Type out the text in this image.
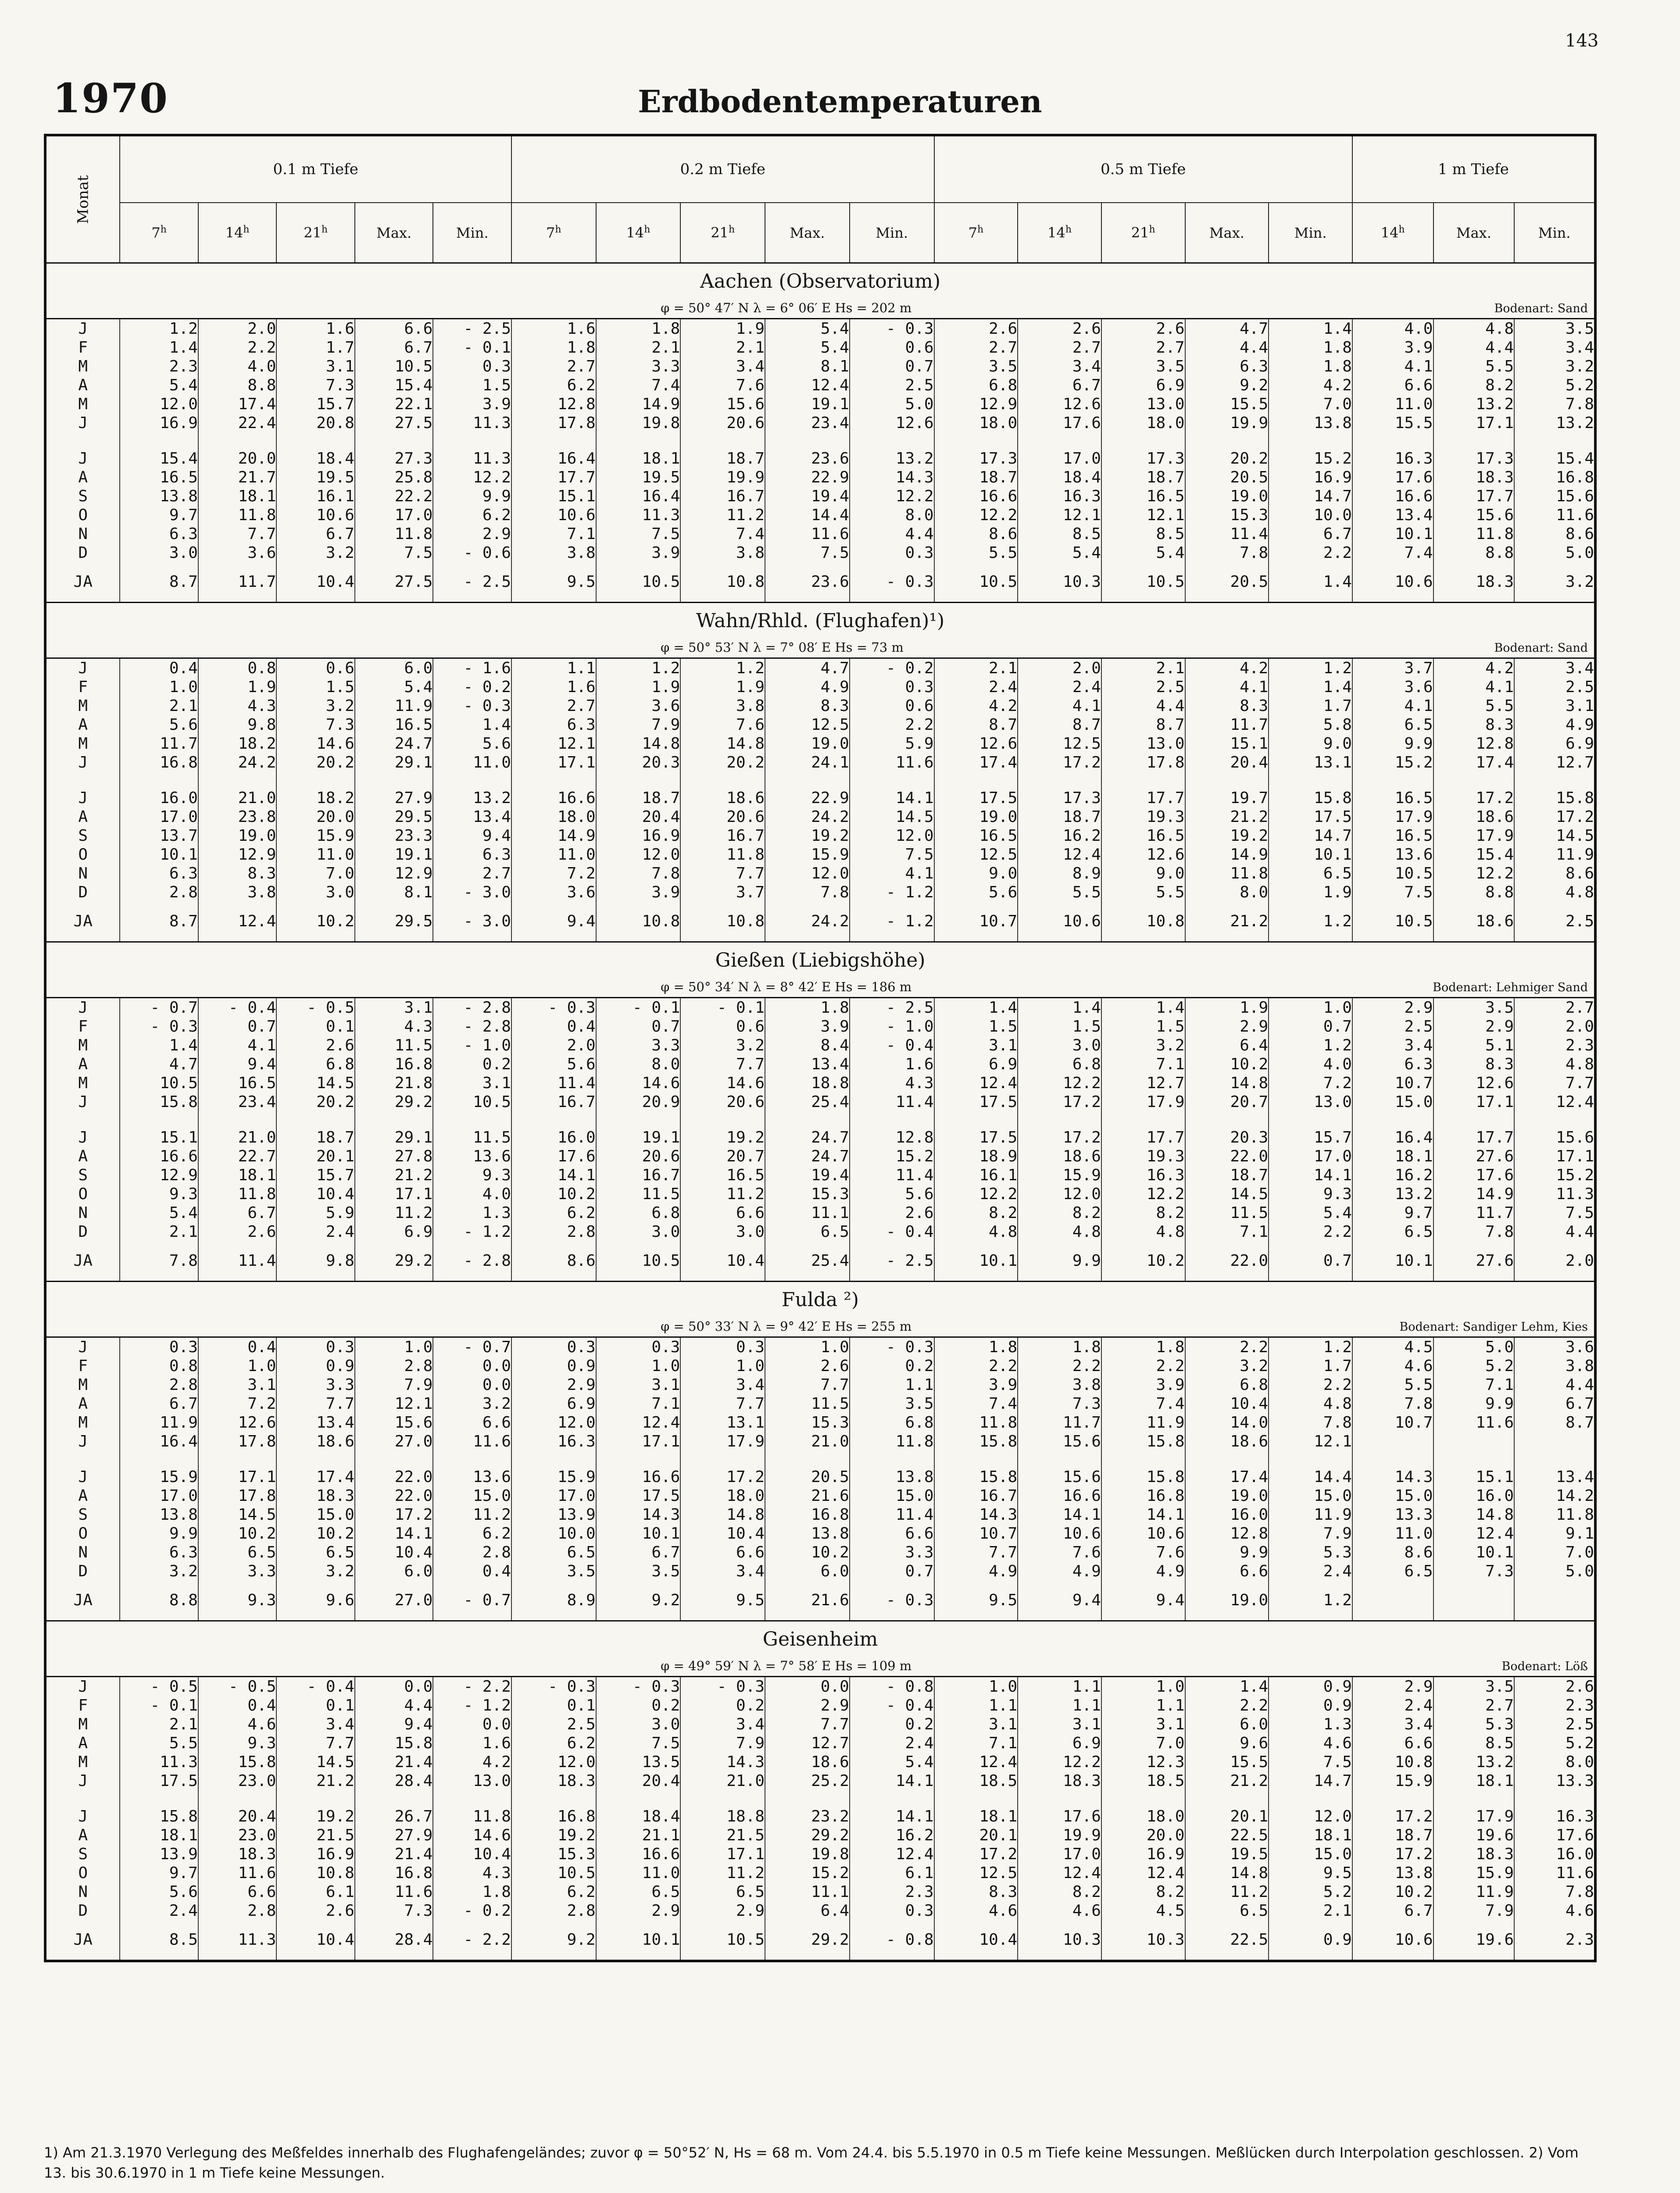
143
1970	Erdbodentemperaturen
Monat	0.1 m Tiefe					0.2 m Tiefe					0.5 m Tiefe					1 m Tiefe		
	7$^h$	14$^h$	21$^h$	Max.	Min.	7$^h$	14$^h$	21$^h$	Max.	Min.	7$^h$	14$^h$	21$^h$	Max.	Min.	14$^h$	Max.	Min.
Aachen (Observatorium)																		

φ = 50° 47′ N λ = 6° 06′ E Hs = 202 m Bodenart: Sand																		

J	1.2	2.0	1.6	6.6	- 2.5	1.6	1.8	1.9	5.4	- 0.3	2.6	2.6	2.6	4.7	1.4	4.0	4.8	3.5
F	1.4	2.2	1.7	6.7	- 0.1	1.8	2.1	2.1	5.4	0.6	2.7	2.7	2.7	4.4	1.8	3.9	4.4	3.4
M	2.3	4.0	3.1	10.5	0.3	2.7	3.3	3.4	8.1	0.7	3.5	3.4	3.5	6.3	1.8	4.1	5.5	3.2
A	5.4	8.8	7.3	15.4	1.5	6.2	7.4	7.6	12.4	2.5	6.8	6.7	6.9	9.2	4.2	6.6	8.2	5.2
M	12.0	17.4	15.7	22.1	3.9	12.8	14.9	15.6	19.1	5.0	12.9	12.6	13.0	15.5	7.0	11.0	13.2	7.8
J	16.9	22.4	20.8	27.5	11.3	17.8	19.8	20.6	23.4	12.6	18.0	17.6	18.0	19.9	13.8	15.5	17.1	13.2

J	15.4	20.0	18.4	27.3	11.3	16.4	18.1	18.7	23.6	13.2	17.3	17.0	17.3	20.2	15.2	16.3	17.3	15.4
A	16.5	21.7	19.5	25.8	12.2	17.7	19.5	19.9	22.9	14.3	18.7	18.4	18.7	20.5	16.9	17.6	18.3	16.8
S	13.8	18.1	16.1	22.2	9.9	15.1	16.4	16.7	19.4	12.2	16.6	16.3	16.5	19.0	14.7	16.6	17.7	15.6
O	9.7	11.8	10.6	17.0	6.2	10.6	11.3	11.2	14.4	8.0	12.2	12.1	12.1	15.3	10.0	13.4	15.6	11.6
N	6.3	7.7	6.7	11.8	2.9	7.1	7.5	7.4	11.6	4.4	8.6	8.5	8.5	11.4	6.7	10.1	11.8	8.6
D	3.0	3.6	3.2	7.5	- 0.6	3.8	3.9	3.8	7.5	0.3	5.5	5.4	5.4	7.8	2.2	7.4	8.8	5.0
JA	8.7	11.7	10.4	27.5	- 2.5	9.5	10.5	10.8	23.6	- 0.3	10.5	10.3	10.5	20.5	1.4	10.6	18.3	3.2
Wahn/Rhld. (Flughafen)¹)																		

φ = 50° 53′ N λ = 7° 08′ E Hs = 73 m Bodenart: Sand																		

J	0.4	0.8	0.6	6.0	- 1.6	1.1	1.2	1.2	4.7	- 0.2	2.1	2.0	2.1	4.2	1.2	3.7	4.2	3.4
F	1.0	1.9	1.5	5.4	- 0.2	1.6	1.9	1.9	4.9	0.3	2.4	2.4	2.5	4.1	1.4	3.6	4.1	2.5
M	2.1	4.3	3.2	11.9	- 0.3	2.7	3.6	3.8	8.3	0.6	4.2	4.1	4.4	8.3	1.7	4.1	5.5	3.1
A	5.6	9.8	7.3	16.5	1.4	6.3	7.9	7.6	12.5	2.2	8.7	8.7	8.7	11.7	5.8	6.5	8.3	4.9
M	11.7	18.2	14.6	24.7	5.6	12.1	14.8	14.8	19.0	5.9	12.6	12.5	13.0	15.1	9.0	9.9	12.8	6.9
J	16.8	24.2	20.2	29.1	11.0	17.1	20.3	20.2	24.1	11.6	17.4	17.2	17.8	20.4	13.1	15.2	17.4	12.7

J	16.0	21.0	18.2	27.9	13.2	16.6	18.7	18.6	22.9	14.1	17.5	17.3	17.7	19.7	15.8	16.5	17.2	15.8
A	17.0	23.8	20.0	29.5	13.4	18.0	20.4	20.6	24.2	14.5	19.0	18.7	19.3	21.2	17.5	17.9	18.6	17.2
S	13.7	19.0	15.9	23.3	9.4	14.9	16.9	16.7	19.2	12.0	16.5	16.2	16.5	19.2	14.7	16.5	17.9	14.5
O	10.1	12.9	11.0	19.1	6.3	11.0	12.0	11.8	15.9	7.5	12.5	12.4	12.6	14.9	10.1	13.6	15.4	11.9
N	6.3	8.3	7.0	12.9	2.7	7.2	7.8	7.7	12.0	4.1	9.0	8.9	9.0	11.8	6.5	10.5	12.2	8.6
D	2.8	3.8	3.0	8.1	- 3.0	3.6	3.9	3.7	7.8	- 1.2	5.6	5.5	5.5	8.0	1.9	7.5	8.8	4.8
JA	8.7	12.4	10.2	29.5	- 3.0	9.4	10.8	10.8	24.2	- 1.2	10.7	10.6	10.8	21.2	1.2	10.5	18.6	2.5
Gießen (Liebigshöhe)																		

φ = 50° 34′ N λ = 8° 42′ E Hs = 186 m Bodenart: Lehmiger Sand																		

J	- 0.7	- 0.4	- 0.5	3.1	- 2.8	- 0.3	- 0.1	- 0.1	1.8	- 2.5	1.4	1.4	1.4	1.9	1.0	2.9	3.5	2.7
F	- 0.3	0.7	0.1	4.3	- 2.8	0.4	0.7	0.6	3.9	- 1.0	1.5	1.5	1.5	2.9	0.7	2.5	2.9	2.0
M	1.4	4.1	2.6	11.5	- 1.0	2.0	3.3	3.2	8.4	- 0.4	3.1	3.0	3.2	6.4	1.2	3.4	5.1	2.3
A	4.7	9.4	6.8	16.8	0.2	5.6	8.0	7.7	13.4	1.6	6.9	6.8	7.1	10.2	4.0	6.3	8.3	4.8
M	10.5	16.5	14.5	21.8	3.1	11.4	14.6	14.6	18.8	4.3	12.4	12.2	12.7	14.8	7.2	10.7	12.6	7.7
J	15.8	23.4	20.2	29.2	10.5	16.7	20.9	20.6	25.4	11.4	17.5	17.2	17.9	20.7	13.0	15.0	17.1	12.4

J	15.1	21.0	18.7	29.1	11.5	16.0	19.1	19.2	24.7	12.8	17.5	17.2	17.7	20.3	15.7	16.4	17.7	15.6
A	16.6	22.7	20.1	27.8	13.6	17.6	20.6	20.7	24.7	15.2	18.9	18.6	19.3	22.0	17.0	18.1	27.6	17.1
S	12.9	18.1	15.7	21.2	9.3	14.1	16.7	16.5	19.4	11.4	16.1	15.9	16.3	18.7	14.1	16.2	17.6	15.2
O	9.3	11.8	10.4	17.1	4.0	10.2	11.5	11.2	15.3	5.6	12.2	12.0	12.2	14.5	9.3	13.2	14.9	11.3
N	5.4	6.7	5.9	11.2	1.3	6.2	6.8	6.6	11.1	2.6	8.2	8.2	8.2	11.5	5.4	9.7	11.7	7.5
D	2.1	2.6	2.4	6.9	- 1.2	2.8	3.0	3.0	6.5	- 0.4	4.8	4.8	4.8	7.1	2.2	6.5	7.8	4.4
JA	7.8	11.4	9.8	29.2	- 2.8	8.6	10.5	10.4	25.4	- 2.5	10.1	9.9	10.2	22.0	0.7	10.1	27.6	2.0
Fulda ²)																		

φ = 50° 33′ N λ = 9° 42′ E Hs = 255 m Bodenart: Sandiger Lehm, Kies																		

J	0.3	0.4	0.3	1.0	- 0.7	0.3	0.3	0.3	1.0	- 0.3	1.8	1.8	1.8	2.2	1.2	4.5	5.0	3.6
F	0.8	1.0	0.9	2.8	0.0	0.9	1.0	1.0	2.6	0.2	2.2	2.2	2.2	3.2	1.7	4.6	5.2	3.8
M	2.8	3.1	3.3	7.9	0.0	2.9	3.1	3.4	7.7	1.1	3.9	3.8	3.9	6.8	2.2	5.5	7.1	4.4
A	6.7	7.2	7.7	12.1	3.2	6.9	7.1	7.7	11.5	3.5	7.4	7.3	7.4	10.4	4.8	7.8	9.9	6.7
M	11.9	12.6	13.4	15.6	6.6	12.0	12.4	13.1	15.3	6.8	11.8	11.7	11.9	14.0	7.8	10.7	11.6	8.7
J	16.4	17.8	18.6	27.0	11.6	16.3	17.1	17.9	21.0	11.8	15.8	15.6	15.8	18.6	12.1			

J	15.9	17.1	17.4	22.0	13.6	15.9	16.6	17.2	20.5	13.8	15.8	15.6	15.8	17.4	14.4	14.3	15.1	13.4
A	17.0	17.8	18.3	22.0	15.0	17.0	17.5	18.0	21.6	15.0	16.7	16.6	16.8	19.0	15.0	15.0	16.0	14.2
S	13.8	14.5	15.0	17.2	11.2	13.9	14.3	14.8	16.8	11.4	14.3	14.1	14.1	16.0	11.9	13.3	14.8	11.8
O	9.9	10.2	10.2	14.1	6.2	10.0	10.1	10.4	13.8	6.6	10.7	10.6	10.6	12.8	7.9	11.0	12.4	9.1
N	6.3	6.5	6.5	10.4	2.8	6.5	6.7	6.6	10.2	3.3	7.7	7.6	7.6	9.9	5.3	8.6	10.1	7.0
D	3.2	3.3	3.2	6.0	0.4	3.5	3.5	3.4	6.0	0.7	4.9	4.9	4.9	6.6	2.4	6.5	7.3	5.0
JA	8.8	9.3	9.6	27.0	- 0.7	8.9	9.2	9.5	21.6	- 0.3	9.5	9.4	9.4	19.0	1.2			
Geisenheim																		

φ = 49° 59′ N λ = 7° 58′ E Hs = 109 m Bodenart: Löß																		

J	- 0.5	- 0.5	- 0.4	0.0	- 2.2	- 0.3	- 0.3	- 0.3	0.0	- 0.8	1.0	1.1	1.0	1.4	0.9	2.9	3.5	2.6
F	- 0.1	0.4	0.1	4.4	- 1.2	0.1	0.2	0.2	2.9	- 0.4	1.1	1.1	1.1	2.2	0.9	2.4	2.7	2.3
M	2.1	4.6	3.4	9.4	0.0	2.5	3.0	3.4	7.7	0.2	3.1	3.1	3.1	6.0	1.3	3.4	5.3	2.5
A	5.5	9.3	7.7	15.8	1.6	6.2	7.5	7.9	12.7	2.4	7.1	6.9	7.0	9.6	4.6	6.6	8.5	5.2
M	11.3	15.8	14.5	21.4	4.2	12.0	13.5	14.3	18.6	5.4	12.4	12.2	12.3	15.5	7.5	10.8	13.2	8.0
J	17.5	23.0	21.2	28.4	13.0	18.3	20.4	21.0	25.2	14.1	18.5	18.3	18.5	21.2	14.7	15.9	18.1	13.3

J	15.8	20.4	19.2	26.7	11.8	16.8	18.4	18.8	23.2	14.1	18.1	17.6	18.0	20.1	12.0	17.2	17.9	16.3
A	18.1	23.0	21.5	27.9	14.6	19.2	21.1	21.5	29.2	16.2	20.1	19.9	20.0	22.5	18.1	18.7	19.6	17.6
S	13.9	18.3	16.9	21.4	10.4	15.3	16.6	17.1	19.8	12.4	17.2	17.0	16.9	19.5	15.0	17.2	18.3	16.0
O	9.7	11.6	10.8	16.8	4.3	10.5	11.0	11.2	15.2	6.1	12.5	12.4	12.4	14.8	9.5	13.8	15.9	11.6
N	5.6	6.6	6.1	11.6	1.8	6.2	6.5	6.5	11.1	2.3	8.3	8.2	8.2	11.2	5.2	10.2	11.9	7.8
D	2.4	2.8	2.6	7.3	- 0.2	2.8	2.9	2.9	6.4	0.3	4.6	4.6	4.5	6.5	2.1	6.7	7.9	4.6
JA	8.5	11.3	10.4	28.4	- 2.2	9.2	10.1	10.5	29.2	- 0.8	10.4	10.3	10.3	22.5	0.9	10.6	19.6	2.3
1) Am 21.3.1970 Verlegung des Meßfeldes innerhalb des Flughafengeländes; zuvor φ = 50°52′ N, Hs = 68 m. Vom 24.4. bis 5.5.1970 in 0.5 m Tiefe keine Messungen. Meßlücken durch Interpolation geschlossen. 2) Vom 13. bis 30.6.1970 in 1 m Tiefe keine Messungen.
